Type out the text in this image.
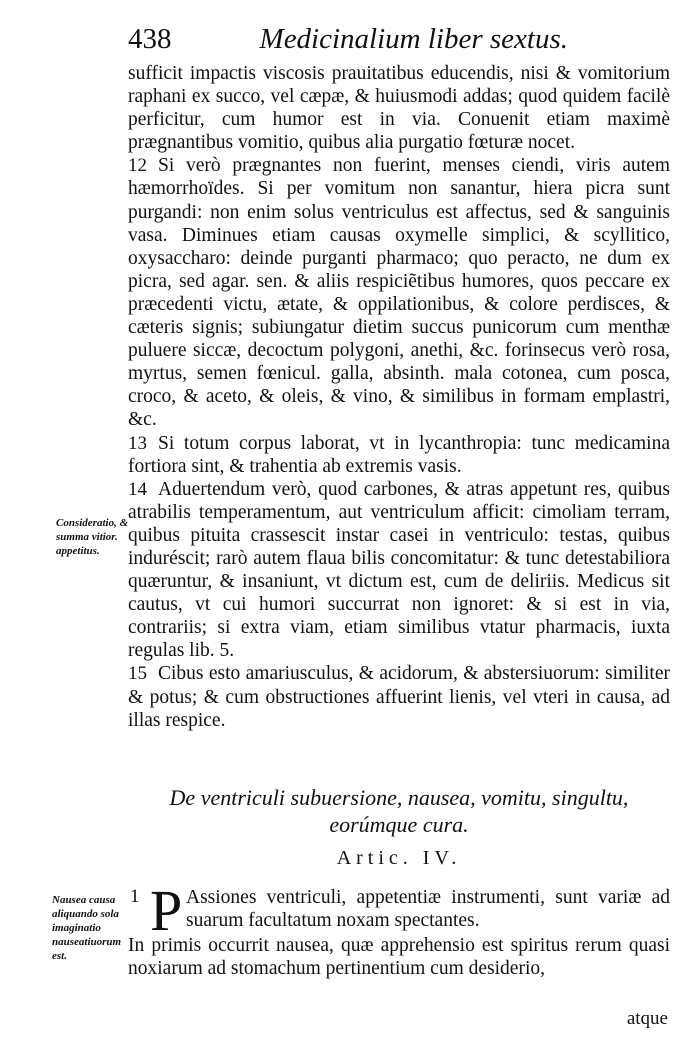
438	Medicinalium liber sextus.

sufficit impactis viscosis prauitatibus educendis, nisi & vomitorium raphani ex succo, vel cæpæ, & huiusmodi addas; quod quidem facilè perficitur, cum humor est in via. Conuenit etiam maximè prægnantibus vomitio, quibus alia purgatio fœturæ nocet.

12 Si verò prægnantes non fuerint, menses ciendi, viris autem hæmorrhoïdes. Si per vomitum non sanantur, hiera picra sunt purgandi: non enim solus ventriculus est affectus, sed & sanguinis vasa. Diminues etiam causas oxymelle simplici, & scyllitico, oxysaccharo: deinde purganti pharmaco; quo peracto, ne dum ex picra, sed agar. sen. & aliis respiciẽtibus humores, quos peccare ex præcedenti victu, ætate, & oppilationibus, & colore perdisces, & cæteris signis; subiungatur dietim succus punicorum cum menthæ puluere siccæ, decoctum polygoni, anethi, &c. forinsecus verò rosa, myrtus, semen fœnicul. galla, absinth. mala cotonea, cum posca, croco, & aceto, & oleis, & vino, & similibus in formam emplastri, &c.

13 Si totum corpus laborat, vt in lycanthropia: tunc medicamina fortiora sint, & trahentia ab extremis vasis.

14 Aduertendum verò, quod carbones, & atras appetunt res, quibus atrabilis temperamentum, aut ventriculum afficit: cimoliam terram, quibus pituita crassescit instar casei in ventriculo: testas, quibus induréscit; rarò autem flaua bilis concomitatur: & tunc detestabiliora quæruntur, & insaniunt, vt dictum est, cum de deliriis. Medicus sit cautus, vt cui humori succurrat non ignoret: & si est in via, contrariis; si extra viam, etiam similibus vtatur pharmacis, iuxta regulas lib. 5.

15 Cibus esto amariusculus, & acidorum, & abstersiuorum: similiter & potus; & cum obstructiones affuerint lienis, vel vteri in causa, ad illas respice.

Consideratio, & summa vitior. appetitus.
De ventriculi subuersione, nausea, vomitu, singultu, eorúmque cura.
Artic. IV.
Nausea causa aliquando sola imaginatio nauseatiuorum est.
1 P Assiones ventriculi, appetentiæ instrumenti, sunt variæ ad suarum facultatum noxam spectantes.

In primis occurrit nausea, quæ apprehensio est spiritus rerum quasi noxiarum ad stomachum pertinentium cum desiderio,

atque
